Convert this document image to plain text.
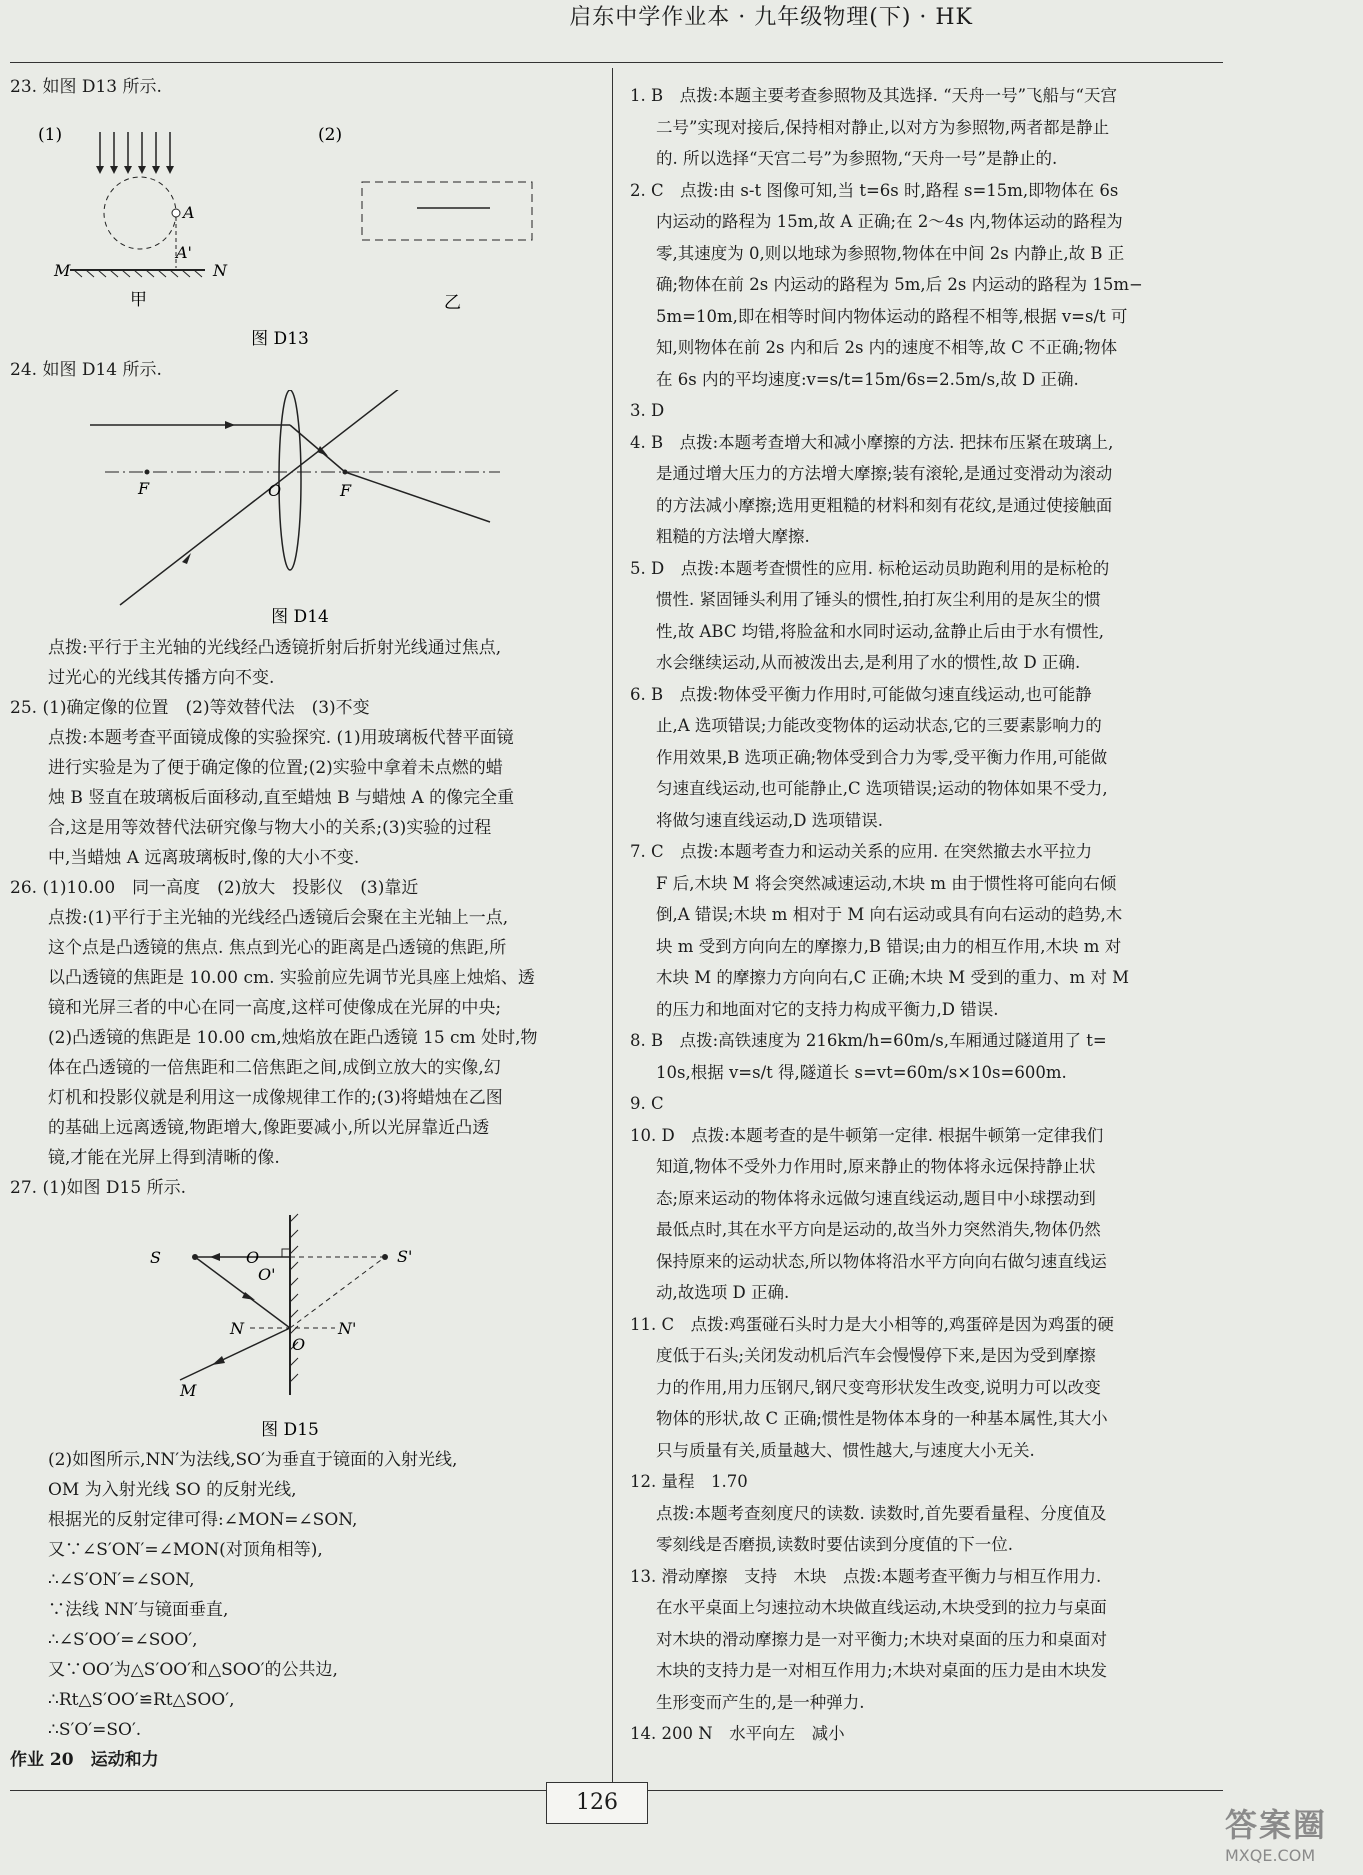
启东中学作业本 · 九年级物理(下) · HK

23. 如图 D13 所示.

(1)	(2)
A
A'
M	N
甲	乙
图 D13

24. 如图 D14 所示.

F	O	F
图 D14

点拨:平行于主光轴的光线经凸透镜折射后折射光线通过焦点,

过光心的光线其传播方向不变.

25. (1)确定像的位置　(2)等效替代法　(3)不变

点拨:本题考查平面镜成像的实验探究. (1)用玻璃板代替平面镜

进行实验是为了便于确定像的位置;(2)实验中拿着未点燃的蜡

烛 B 竖直在玻璃板后面移动,直至蜡烛 B 与蜡烛 A 的像完全重

合,这是用等效替代法研究像与物大小的关系;(3)实验的过程

中,当蜡烛 A 远离玻璃板时,像的大小不变.

26. (1)10.00　同一高度　(2)放大　投影仪　(3)靠近

点拨:(1)平行于主光轴的光线经凸透镜后会聚在主光轴上一点,

这个点是凸透镜的焦点. 焦点到光心的距离是凸透镜的焦距,所

以凸透镜的焦距是 10.00 cm. 实验前应先调节光具座上烛焰、透

镜和光屏三者的中心在同一高度,这样可使像成在光屏的中央;

(2)凸透镜的焦距是 10.00 cm,烛焰放在距凸透镜 15 cm 处时,物

体在凸透镜的一倍焦距和二倍焦距之间,成倒立放大的实像,幻

灯机和投影仪就是利用这一成像规律工作的;(3)将蜡烛在乙图

的基础上远离透镜,物距增大,像距要减小,所以光屏靠近凸透

镜,才能在光屏上得到清晰的像.

27. (1)如图 D15 所示.

S
O'
O	S'
N	N'
O
M
图 D15

(2)如图所示,NN′为法线,SO′为垂直于镜面的入射光线,

OM 为入射光线 SO 的反射光线,

根据光的反射定律可得:∠MON=∠SON,

又∵∠S′ON′=∠MON(对顶角相等),

∴∠S′ON′=∠SON,

∵法线 NN′与镜面垂直,

∴∠S′OO′=∠SOO′,

又∵OO′为△S′OO′和△SOO′的公共边,

∴Rt△S′OO′≌Rt△SOO′,

∴S′O′=SO′.

作业 20　运动和力

1. B　点拨:本题主要考查参照物及其选择. “天舟一号”飞船与“天宫

二号”实现对接后,保持相对静止,以对方为参照物,两者都是静止

的. 所以选择“天宫二号”为参照物,“天舟一号”是静止的.

2. C　点拨:由 s-t 图像可知,当 t=6s 时,路程 s=15m,即物体在 6s

内运动的路程为 15m,故 A 正确;在 2～4s 内,物体运动的路程为

零,其速度为 0,则以地球为参照物,物体在中间 2s 内静止,故 B 正

确;物体在前 2s 内运动的路程为 5m,后 2s 内运动的路程为 15m−

5m=10m,即在相等时间内物体运动的路程不相等,根据 v=s/t 可

知,则物体在前 2s 内和后 2s 内的速度不相等,故 C 不正确;物体

在 6s 内的平均速度:v=s/t=15m/6s=2.5m/s,故 D 正确.

3. D

4. B　点拨:本题考查增大和减小摩擦的方法. 把抹布压紧在玻璃上,

是通过增大压力的方法增大摩擦;装有滚轮,是通过变滑动为滚动

的方法减小摩擦;选用更粗糙的材料和刻有花纹,是通过使接触面

粗糙的方法增大摩擦.

5. D　点拨:本题考查惯性的应用. 标枪运动员助跑利用的是标枪的

惯性. 紧固锤头利用了锤头的惯性,拍打灰尘利用的是灰尘的惯

性,故 ABC 均错,将脸盆和水同时运动,盆静止后由于水有惯性,

水会继续运动,从而被泼出去,是利用了水的惯性,故 D 正确.

6. B　点拨:物体受平衡力作用时,可能做匀速直线运动,也可能静

止,A 选项错误;力能改变物体的运动状态,它的三要素影响力的

作用效果,B 选项正确;物体受到合力为零,受平衡力作用,可能做

匀速直线运动,也可能静止,C 选项错误;运动的物体如果不受力,

将做匀速直线运动,D 选项错误.

7. C　点拨:本题考查力和运动关系的应用. 在突然撤去水平拉力

F 后,木块 M 将会突然减速运动,木块 m 由于惯性将可能向右倾

倒,A 错误;木块 m 相对于 M 向右运动或具有向右运动的趋势,木

块 m 受到方向向左的摩擦力,B 错误;由力的相互作用,木块 m 对

木块 M 的摩擦力方向向右,C 正确;木块 M 受到的重力、m 对 M

的压力和地面对它的支持力构成平衡力,D 错误.

8. B　点拨:高铁速度为 216km/h=60m/s,车厢通过隧道用了 t=

10s,根据 v=s/t 得,隧道长 s=vt=60m/s×10s=600m.

9. C

10. D　点拨:本题考查的是牛顿第一定律. 根据牛顿第一定律我们

知道,物体不受外力作用时,原来静止的物体将永远保持静止状

态;原来运动的物体将永远做匀速直线运动,题目中小球摆动到

最低点时,其在水平方向是运动的,故当外力突然消失,物体仍然

保持原来的运动状态,所以物体将沿水平方向向右做匀速直线运

动,故选项 D 正确.

11. C　点拨:鸡蛋碰石头时力是大小相等的,鸡蛋碎是因为鸡蛋的硬

度低于石头;关闭发动机后汽车会慢慢停下来,是因为受到摩擦

力的作用,用力压钢尺,钢尺变弯形状发生改变,说明力可以改变

物体的形状,故 C 正确;惯性是物体本身的一种基本属性,其大小

只与质量有关,质量越大、惯性越大,与速度大小无关.

12. 量程　1.70

点拨:本题考查刻度尺的读数. 读数时,首先要看量程、分度值及

零刻线是否磨损,读数时要估读到分度值的下一位.

13. 滑动摩擦　支持　木块　点拨:本题考查平衡力与相互作用力.

在水平桌面上匀速拉动木块做直线运动,木块受到的拉力与桌面

对木块的滑动摩擦力是一对平衡力;木块对桌面的压力和桌面对

木块的支持力是一对相互作用力;木块对桌面的压力是由木块发

生形变而产生的,是一种弹力.

14. 200 N　水平向左　减小

126
答案圈
MXQE.COM
